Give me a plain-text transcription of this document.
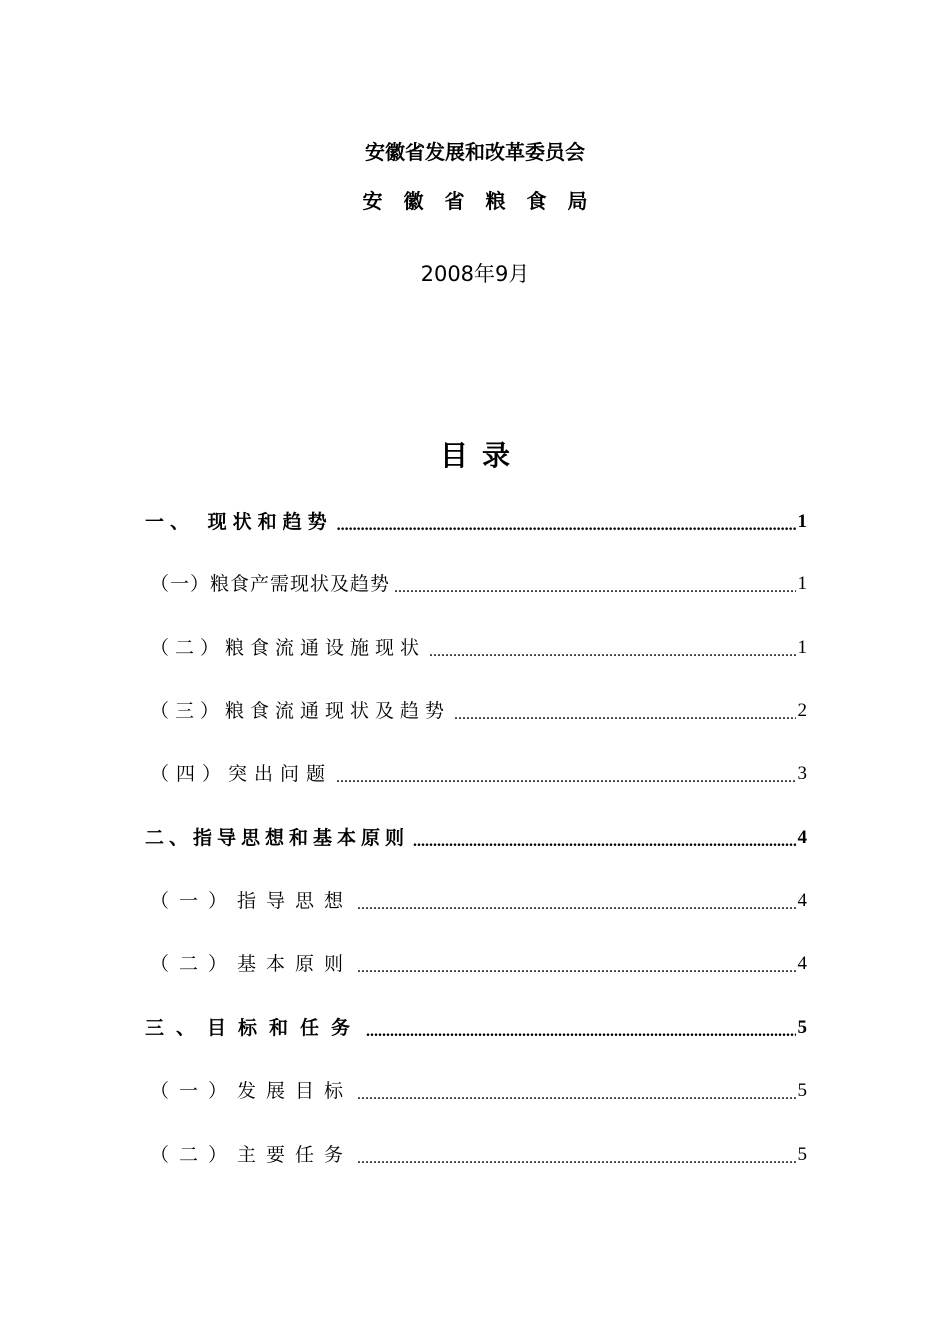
安徽省发展和改革委员会
安徽省粮食局
2008年9月
目录
一、 现状和趋势 .....	1
（一）粮食产需现状及趋势 .....	1
（二）粮食流通设施现状 .....	1
（三）粮食流通现状及趋势 .....	2
（四）突出问题 .....	3
二、指导思想和基本原则 .....	4
（一）指导思想 .....	4
（二）基本原则 .....	4
三、目标和任务 .....	5
（一）发展目标 .....	5
（二）主要任务 .....	5
